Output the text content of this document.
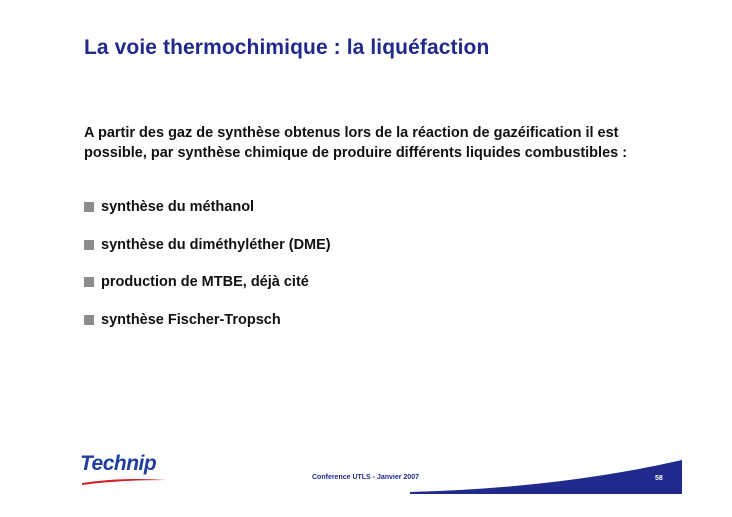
La voie thermochimique : la liquéfaction
A partir des gaz de synthèse obtenus lors de la réaction de gazéification il est possible, par synthèse chimique de produire différents liquides combustibles :
synthèse du méthanol
synthèse du diméthyléther (DME)
production de MTBE, déjà cité
synthèse Fischer-Tropsch
Technip
Conference UTLS - Janvier 2007	58
